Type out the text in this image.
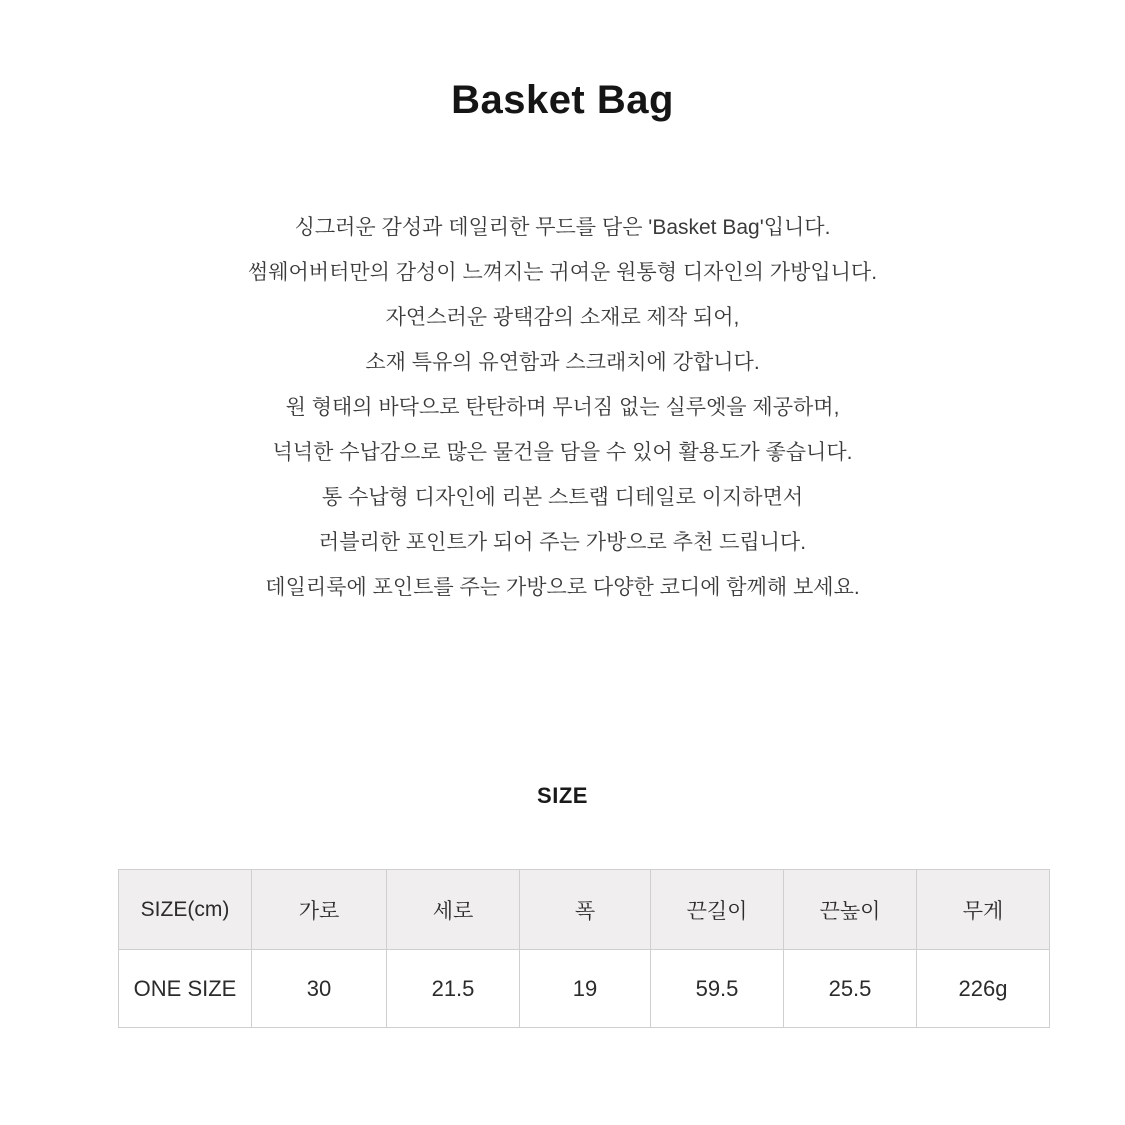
Basket Bag

싱그러운 감성과 데일리한 무드를 담은 'Basket Bag'입니다.

썸웨어버터만의 감성이 느껴지는 귀여운 원통형 디자인의 가방입니다.

자연스러운 광택감의 소재로 제작 되어,

소재 특유의 유연함과 스크래치에 강합니다.

원 형태의 바닥으로 탄탄하며 무너짐 없는 실루엣을 제공하며,

넉넉한 수납감으로 많은 물건을 담을 수 있어 활용도가 좋습니다.

통 수납형 디자인에 리본 스트랩 디테일로 이지하면서

러블리한 포인트가 되어 주는 가방으로 추천 드립니다.

데일리룩에 포인트를 주는 가방으로 다양한 코디에 함께해 보세요.

SIZE
SIZE(cm)	가로	세로	폭	끈길이	끈높이	무게
ONE SIZE	30	21.5	19	59.5	25.5	226g
